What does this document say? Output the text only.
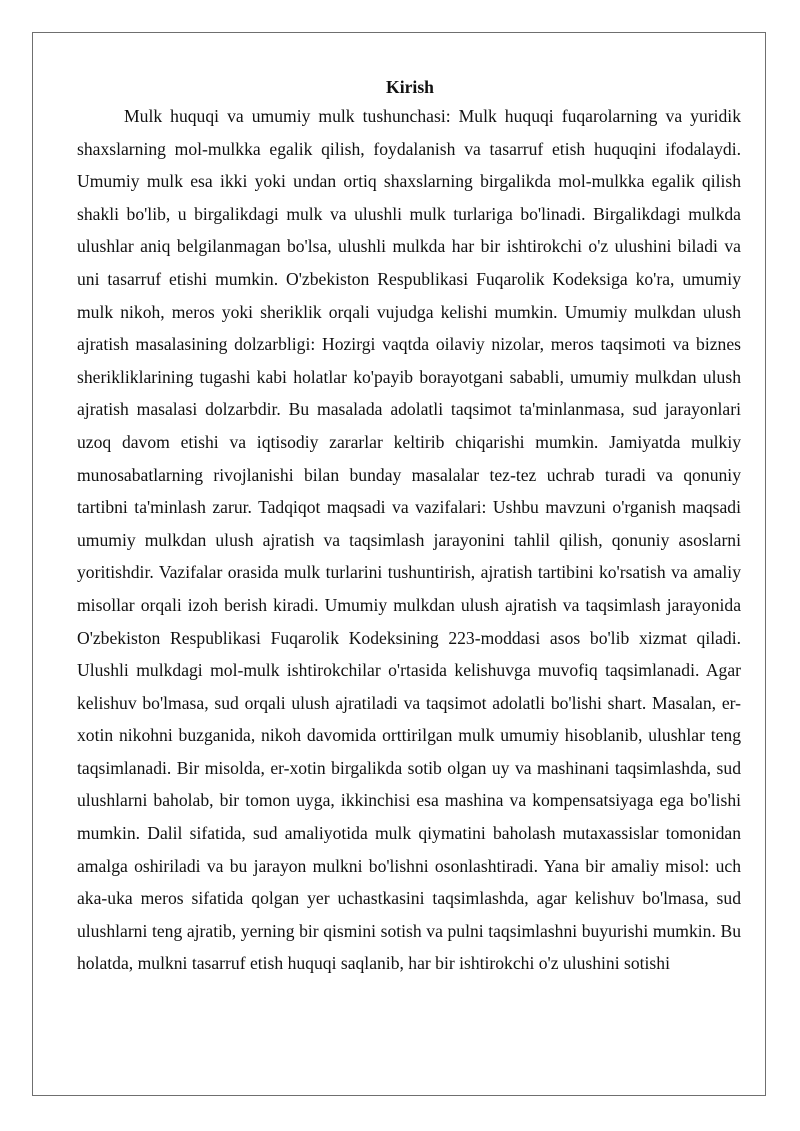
Kirish

Mulk huquqi va umumiy mulk tushunchasi: Mulk huquqi fuqarolarning va yuridik shaxslarning mol-mulkka egalik qilish, foydalanish va tasarruf etish huquqini ifodalaydi. Umumiy mulk esa ikki yoki undan ortiq shaxslarning birgalikda mol-mulkka egalik qilish shakli bo'lib, u birgalikdagi mulk va ulushli mulk turlariga bo'linadi. Birgalikdagi mulkda ulushlar aniq belgilanmagan bo'lsa, ulushli mulkda har bir ishtirokchi o'z ulushini biladi va uni tasarruf etishi mumkin. O'zbekiston Respublikasi Fuqarolik Kodeksiga ko'ra, umumiy mulk nikoh, meros yoki sheriklik orqali vujudga kelishi mumkin. Umumiy mulkdan ulush ajratish masalasining dolzarbligi: Hozirgi vaqtda oilaviy nizolar, meros taqsimoti va biznes sherikliklarining tugashi kabi holatlar ko'payib borayotgani sababli, umumiy mulkdan ulush ajratish masalasi dolzarbdir. Bu masalada adolatli taqsimot ta'minlanmasa, sud jarayonlari uzoq davom etishi va iqtisodiy zararlar keltirib chiqarishi mumkin. Jamiyatda mulkiy munosabatlarning rivojlanishi bilan bunday masalalar tez-tez uchrab turadi va qonuniy tartibni ta'minlash zarur. Tadqiqot maqsadi va vazifalari: Ushbu mavzuni o'rganish maqsadi umumiy mulkdan ulush ajratish va taqsimlash jarayonini tahlil qilish, qonuniy asoslarni yoritishdir. Vazifalar orasida mulk turlarini tushuntirish, ajratish tartibini ko'rsatish va amaliy misollar orqali izoh berish kiradi. Umumiy mulkdan ulush ajratish va taqsimlash jarayonida O'zbekiston Respublikasi Fuqarolik Kodeksining 223-moddasi asos bo'lib xizmat qiladi. Ulushli mulkdagi mol-mulk ishtirokchilar o'rtasida kelishuvga muvofiq taqsimlanadi. Agar kelishuv bo'lmasa, sud orqali ulush ajratiladi va taqsimot adolatli bo'lishi shart. Masalan, er-xotin nikohni buzganida, nikoh davomida orttirilgan mulk umumiy hisoblanib, ulushlar teng taqsimlanadi. Bir misolda, er-xotin birgalikda sotib olgan uy va mashinani taqsimlashda, sud ulushlarni baholab, bir tomon uyga, ikkinchisi esa mashina va kompensatsiyaga ega bo'lishi mumkin. Dalil sifatida, sud amaliyotida mulk qiymatini baholash mutaxassislar tomonidan amalga oshiriladi va bu jarayon mulkni bo'lishni osonlashtiradi. Yana bir amaliy misol: uch aka-uka meros sifatida qolgan yer uchastkasini taqsimlashda, agar kelishuv bo'lmasa, sud ulushlarni teng ajratib, yerning bir qismini sotish va pulni taqsimlashni buyurishi mumkin. Bu holatda, mulkni tasarruf etish huquqi saqlanib, har bir ishtirokchi o'z ulushini sotishi
